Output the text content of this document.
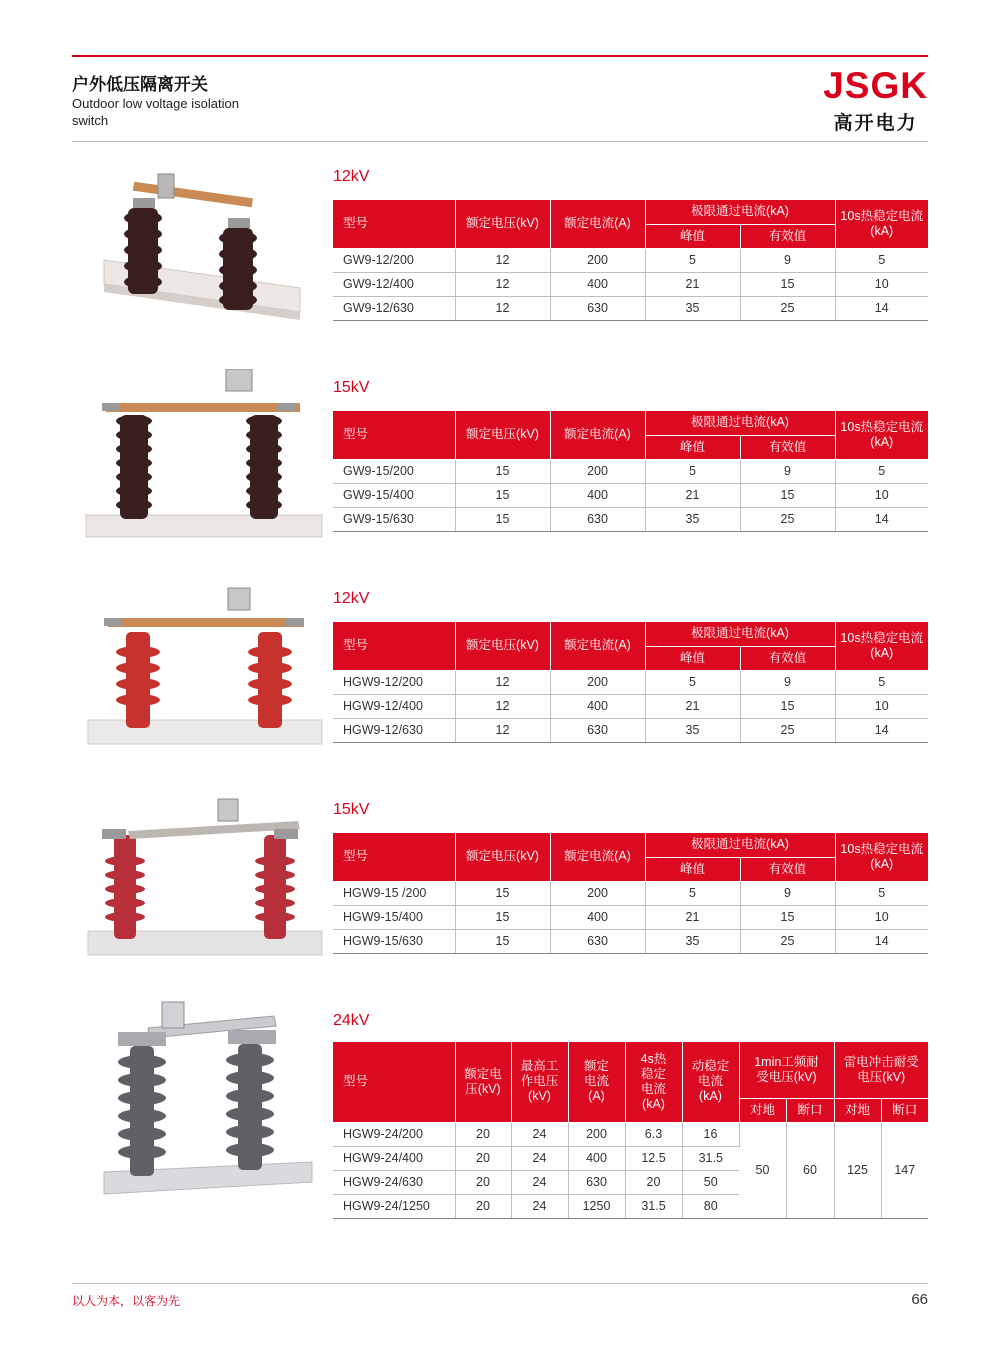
户外低压隔离开关
Outdoor low voltage isolation switch
JSGK
高开电力
12kV
型号	额定电压(kV)	额定电流(A)	极限通过电流(kA)		10s热稳定电流(kA)
			峰值	有效值	
GW9-12/200	12	200	5	9	5
GW9-12/400	12	400	21	15	10
GW9-12/630	12	630	35	25	14
15kV
型号	额定电压(kV)	额定电流(A)	极限通过电流(kA)		10s热稳定电流(kA)
			峰值	有效值	
GW9-15/200	15	200	5	9	5
GW9-15/400	15	400	21	15	10
GW9-15/630	15	630	35	25	14
12kV
型号	额定电压(kV)	额定电流(A)	极限通过电流(kA)		10s热稳定电流(kA)
			峰值	有效值	
HGW9-12/200	12	200	5	9	5
HGW9-12/400	12	400	21	15	10
HGW9-12/630	12	630	35	25	14
15kV
型号	额定电压(kV)	额定电流(A)	极限通过电流(kA)		10s热稳定电流(kA)
			峰值	有效值	
HGW9-15 /200	15	200	5	9	5
HGW9-15/400	15	400	21	15	10
HGW9-15/630	15	630	35	25	14
24kV
型号	额定电压(kV)	最高工作电压(kV)	额定电流(A)	4s热稳定电流(kA)	动稳定电流(kA)	1min工频耐受电压(kV)		雷电冲击耐受电压(kV)	
						对地	断口	对地	断口
HGW9-24/200	20	24	200	6.3	16	50	60	125	147
HGW9-24/400	20	24	400	12.5	31.5				
HGW9-24/630	20	24	630	20	50				
HGW9-24/1250	20	24	1250	31.5	80				
以人为本，以客为先	66
